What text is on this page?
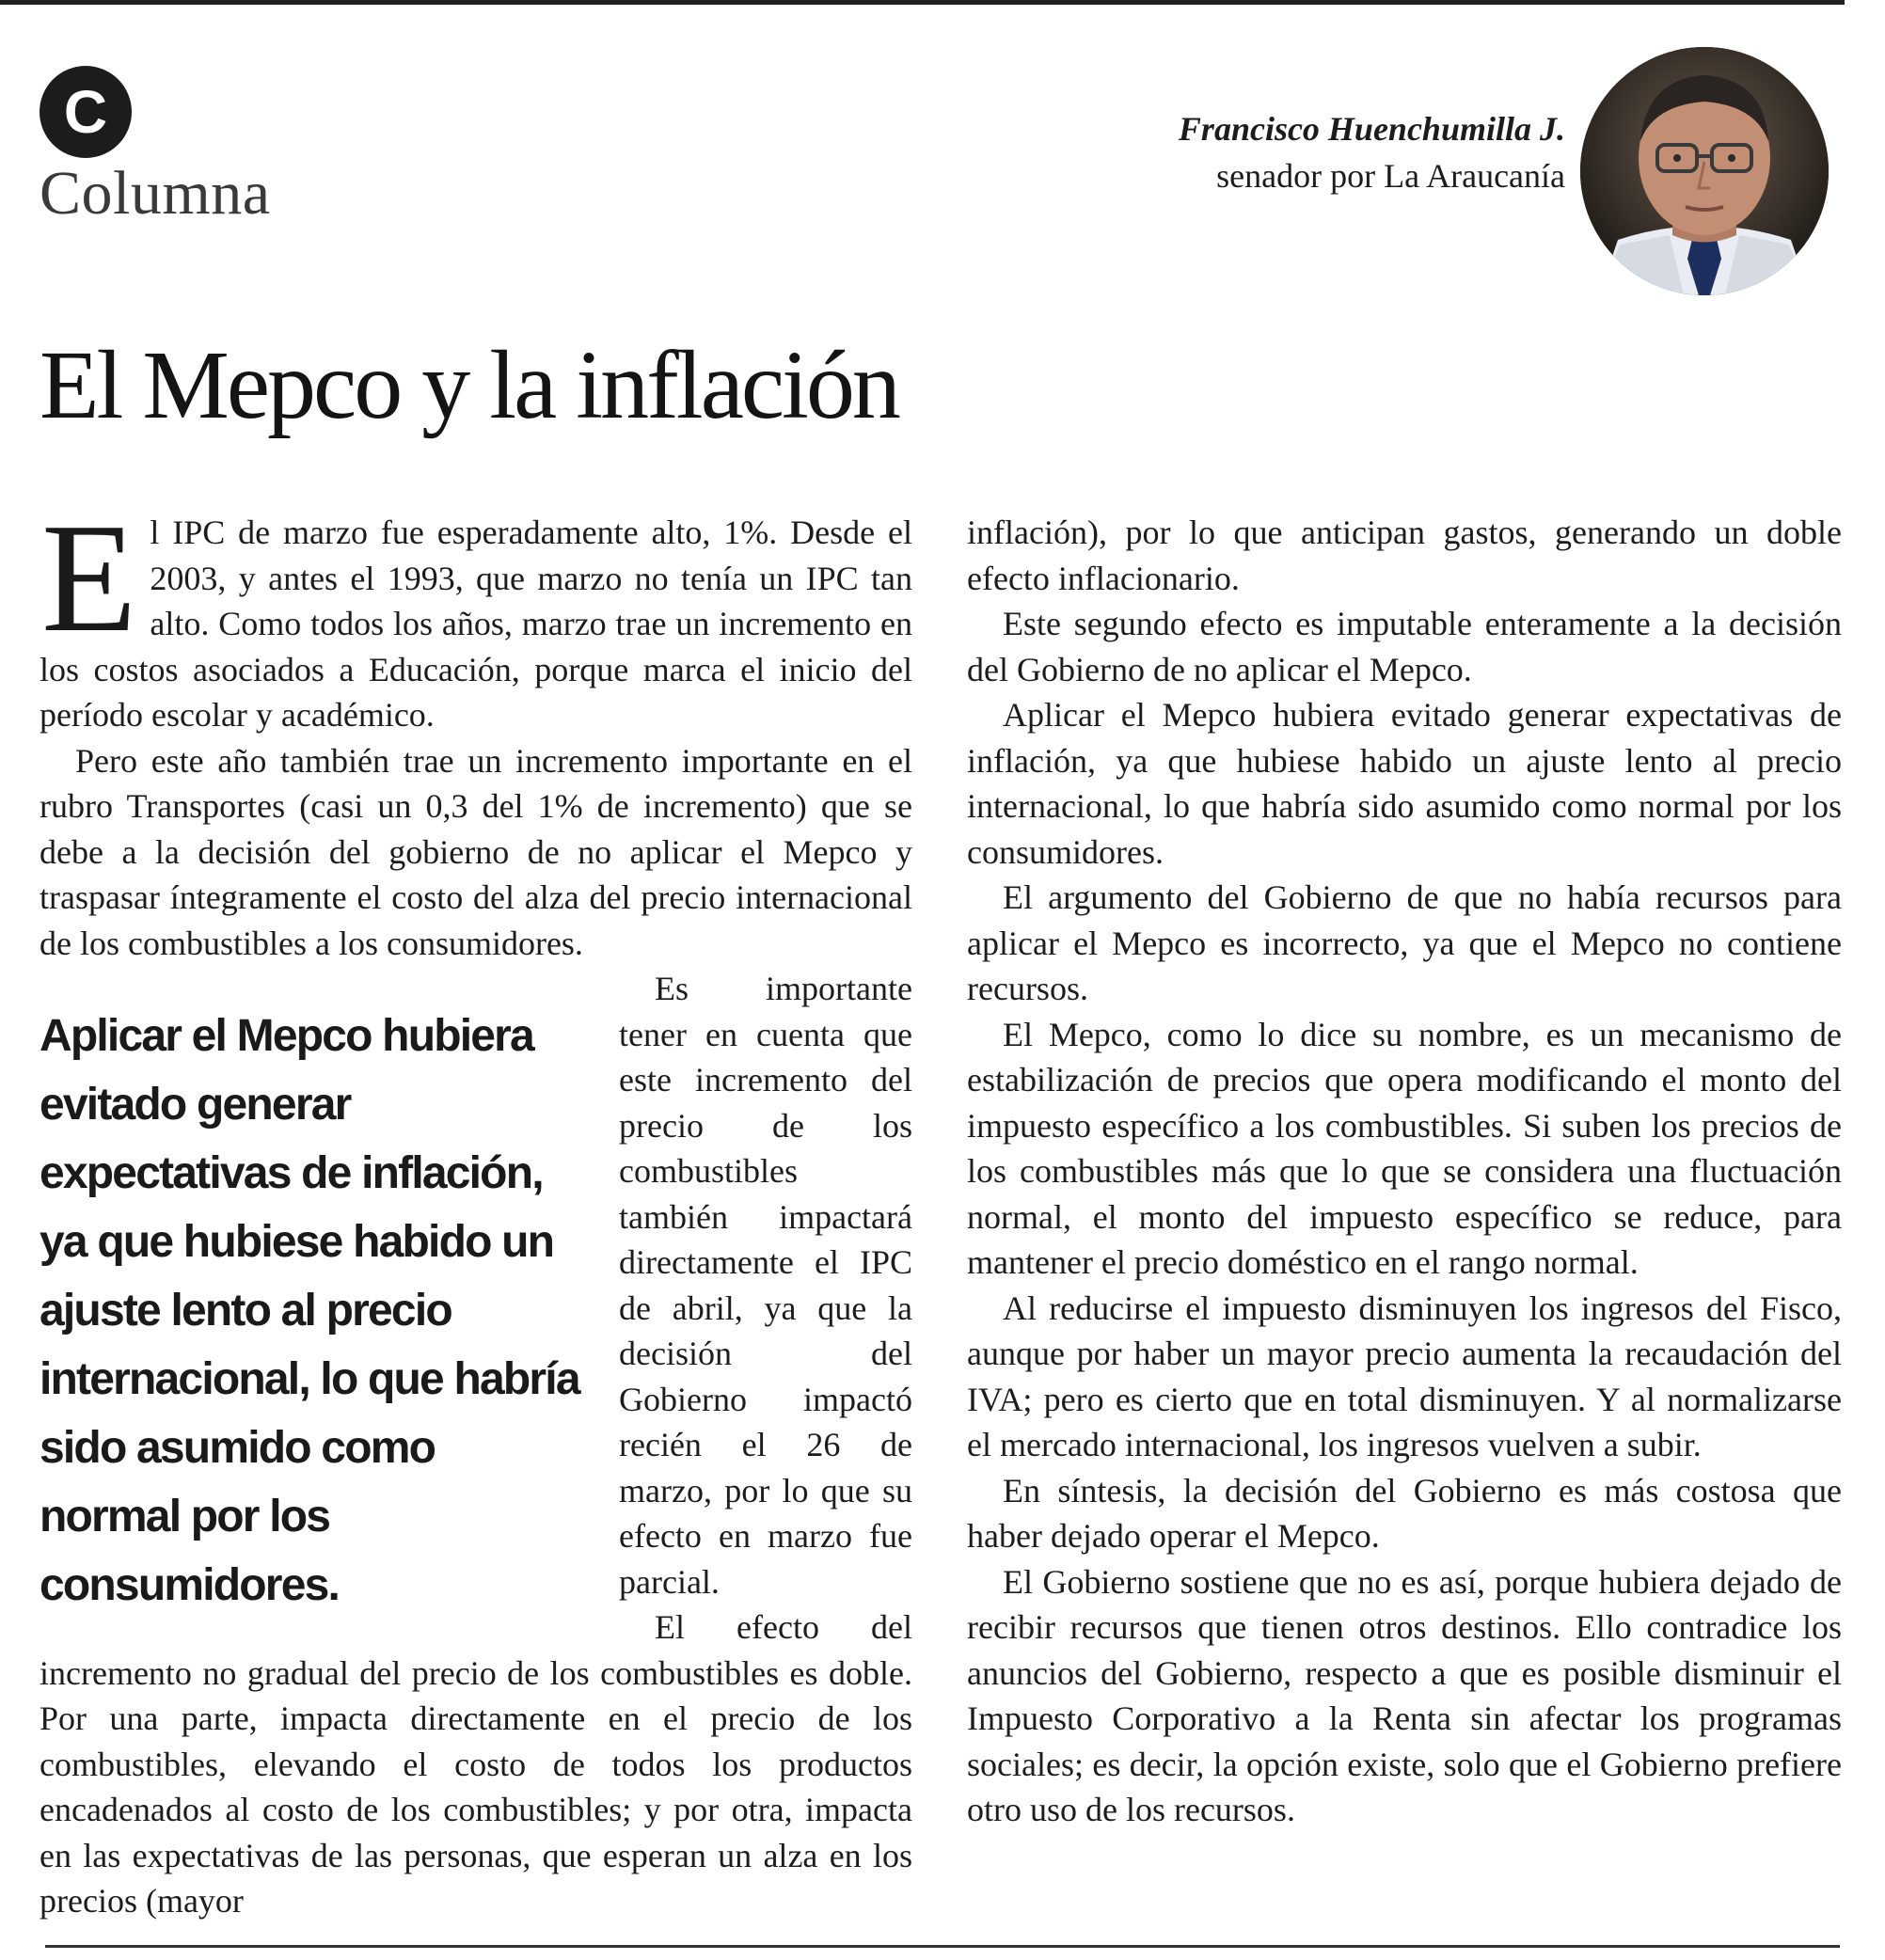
C
Columna
Francisco Huenchumilla J.
senador por La Araucanía
El Mepco y la inflación
E l IPC de marzo fue esperadamente alto, 1%. Desde el 2003, y antes el 1993, que marzo no tenía un IPC tan alto. Como todos los años, marzo trae un incremento en los costos asociados a Educación, porque marca el inicio del período escolar y académico.

Pero este año también trae un incremento importante en el rubro Transportes (casi un 0,3 del 1% de incremento) que se debe a la decisión del gobierno de no aplicar el Mepco y traspasar íntegramente el costo del alza del precio internacional de los combustibles a los consumidores.

Aplicar el Mepco hubiera evitado generar expectativas de inflación, ya que hubiese habido un ajuste lento al precio internacional, lo que habría sido asumido como normal por los consumidores.

Es importante tener en cuenta que este incremento del precio de los combustibles también impactará directamente el IPC de abril, ya que la decisión del Gobierno impactó recién el 26 de marzo, por lo que su efecto en marzo fue parcial.

El efecto del incremento no gradual del precio de los combustibles es doble. Por una parte, impacta directamente en el precio de los combustibles, elevando el costo de todos los productos encadenados al costo de los combustibles; y por otra, impacta en las expectativas de las personas, que esperan un alza en los precios (mayor

inflación), por lo que anticipan gastos, generando un doble efecto inflacionario.

Este segundo efecto es imputable enteramente a la decisión del Gobierno de no aplicar el Mepco.

Aplicar el Mepco hubiera evitado generar expectativas de inflación, ya que hubiese habido un ajuste lento al precio internacional, lo que habría sido asumido como normal por los consumidores.

El argumento del Gobierno de que no había recursos para aplicar el Mepco es incorrecto, ya que el Mepco no contiene recursos.

El Mepco, como lo dice su nombre, es un mecanismo de estabilización de precios que opera modificando el monto del impuesto específico a los combustibles. Si suben los precios de los combustibles más que lo que se considera una fluctuación normal, el monto del impuesto específico se reduce, para mantener el precio doméstico en el rango normal.

Al reducirse el impuesto disminuyen los ingresos del Fisco, aunque por haber un mayor precio aumenta la recaudación del IVA; pero es cierto que en total disminuyen. Y al normalizarse el mercado internacional, los ingresos vuelven a subir.

En síntesis, la decisión del Gobierno es más costosa que haber dejado operar el Mepco.

El Gobierno sostiene que no es así, porque hubiera dejado de recibir recursos que tienen otros destinos. Ello contradice los anuncios del Gobierno, respecto a que es posible disminuir el Impuesto Corporativo a la Renta sin afectar los programas sociales; es decir, la opción existe, solo que el Gobierno prefiere otro uso de los recursos.
